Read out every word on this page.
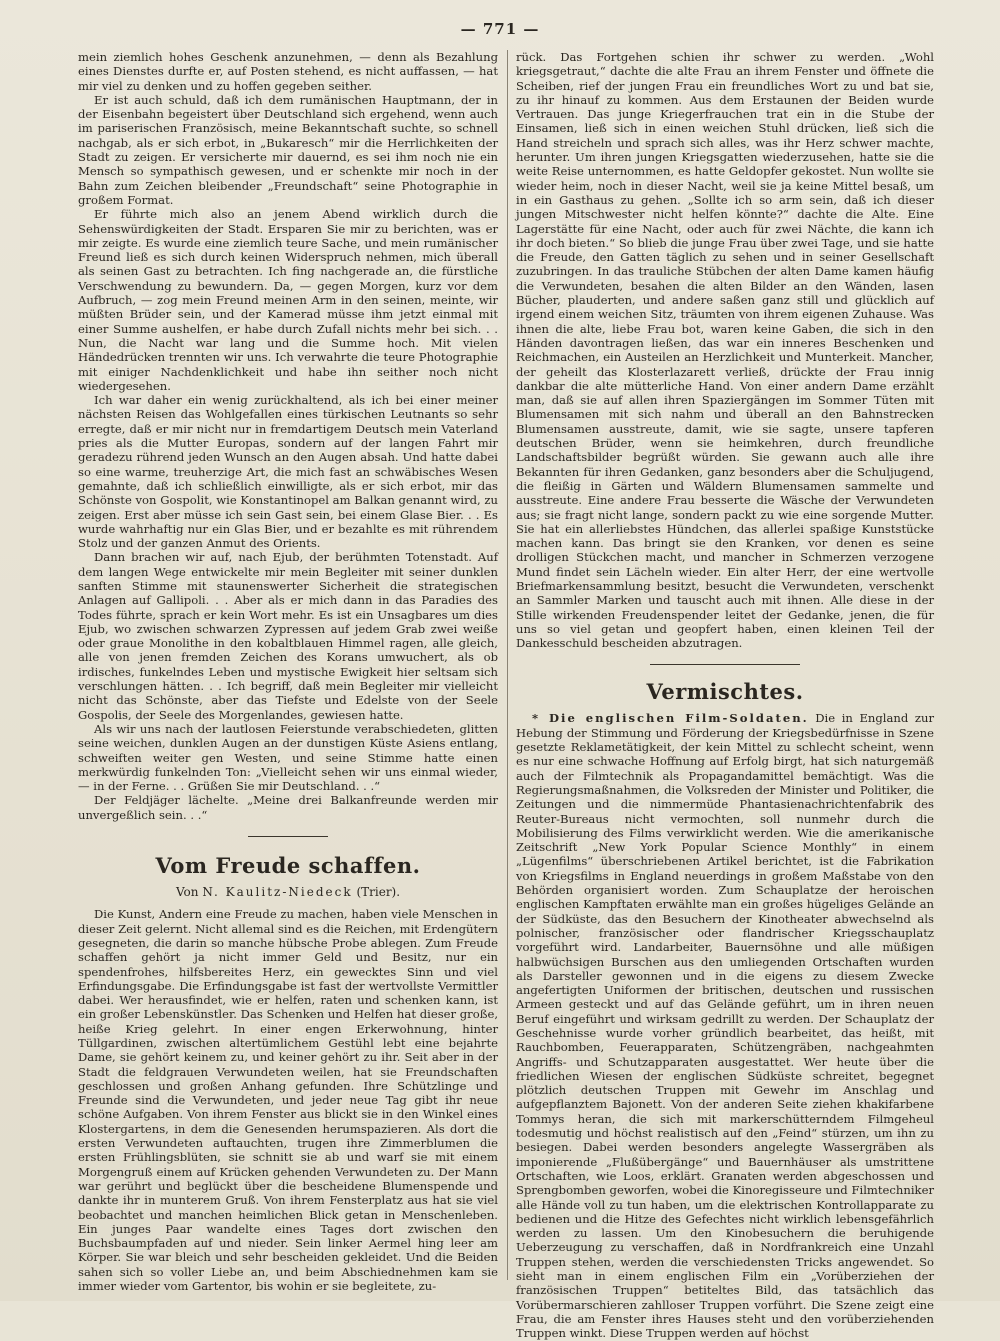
— 771 —

mein ziemlich hohes Geschenk anzunehmen, — denn als Bezahlung eines Dienstes durfte er, auf Posten stehend, es nicht auffassen, — hat mir viel zu denken und zu hoffen gegeben seither.

Er ist auch schuld, daß ich dem rumänischen Hauptmann, der in der Eisenbahn begeistert über Deutschland sich ergehend, wenn auch im pariserischen Französisch, meine Bekanntschaft suchte, so schnell nachgab, als er sich erbot, in „Bukaresch“ mir die Herrlichkeiten der Stadt zu zeigen. Er versicherte mir dauernd, es sei ihm noch nie ein Mensch so sympathisch gewesen, und er schenkte mir noch in der Bahn zum Zeichen bleibender „Freundschaft“ seine Photographie in großem Format.

Er führte mich also an jenem Abend wirklich durch die Sehenswürdigkeiten der Stadt. Ersparen Sie mir zu berichten, was er mir zeigte. Es wurde eine ziemlich teure Sache, und mein rumänischer Freund ließ es sich durch keinen Widerspruch nehmen, mich überall als seinen Gast zu betrachten. Ich fing nachgerade an, die fürstliche Verschwendung zu bewundern. Da, — gegen Morgen, kurz vor dem Aufbruch, — zog mein Freund meinen Arm in den seinen, meinte, wir müßten Brüder sein, und der Kamerad müsse ihm jetzt einmal mit einer Summe aushelfen, er habe durch Zufall nichts mehr bei sich. . . Nun, die Nacht war lang und die Summe hoch. Mit vielen Händedrücken trennten wir uns. Ich verwahrte die teure Photographie mit einiger Nachdenklichkeit und habe ihn seither noch nicht wiedergesehen.

Ich war daher ein wenig zurückhaltend, als ich bei einer meiner nächsten Reisen das Wohlgefallen eines türkischen Leutnants so sehr erregte, daß er mir nicht nur in fremdartigem Deutsch mein Vaterland pries als die Mutter Europas, sondern auf der langen Fahrt mir geradezu rührend jeden Wunsch an den Augen absah. Und hatte dabei so eine warme, treuherzige Art, die mich fast an schwäbisches Wesen gemahnte, daß ich schließlich einwilligte, als er sich erbot, mir das Schönste von Gospolit, wie Konstantinopel am Balkan genannt wird, zu zeigen. Erst aber müsse ich sein Gast sein, bei einem Glase Bier. . . Es wurde wahrhaftig nur ein Glas Bier, und er bezahlte es mit rührendem Stolz und der ganzen Anmut des Orients.

Dann brachen wir auf, nach Ejub, der berühmten Totenstadt. Auf dem langen Wege entwickelte mir mein Begleiter mit seiner dunklen sanften Stimme mit staunenswerter Sicherheit die strategischen Anlagen auf Gallipoli. . . Aber als er mich dann in das Paradies des Todes führte, sprach er kein Wort mehr. Es ist ein Unsagbares um dies Ejub, wo zwischen schwarzen Zypressen auf jedem Grab zwei weiße oder graue Monolithe in den kobaltblauen Himmel ragen, alle gleich, alle von jenen fremden Zeichen des Korans umwuchert, als ob irdisches, funkelndes Leben und mystische Ewigkeit hier seltsam sich verschlungen hätten. . . Ich begriff, daß mein Begleiter mir vielleicht nicht das Schönste, aber das Tiefste und Edelste von der Seele Gospolis, der Seele des Morgenlandes, gewiesen hatte.

Als wir uns nach der lautlosen Feierstunde verabschiedeten, glitten seine weichen, dunklen Augen an der dunstigen Küste Asiens entlang, schweiften weiter gen Westen, und seine Stimme hatte einen merkwürdig funkelnden Ton: „Vielleicht sehen wir uns einmal wieder, — in der Ferne. . . Grüßen Sie mir Deutschland. . .“

Der Feldjäger lächelte. „Meine drei Balkanfreunde werden mir unvergeßlich sein. . .“

Vom Freude schaffen.
Von N. Kaulitz-Niedeck (Trier).

Die Kunst, Andern eine Freude zu machen, haben viele Menschen in dieser Zeit gelernt. Nicht allemal sind es die Reichen, mit Erdengütern gesegneten, die darin so manche hübsche Probe ablegen. Zum Freude schaffen gehört ja nicht immer Geld und Besitz, nur ein spendenfrohes, hilfsbereites Herz, ein gewecktes Sinn und viel Erfindungsgabe. Die Erfindungsgabe ist fast der wertvollste Vermittler dabei. Wer herausfindet, wie er helfen, raten und schenken kann, ist ein großer Lebenskünstler. Das Schenken und Helfen hat dieser große, heiße Krieg gelehrt. In einer engen Erkerwohnung, hinter Tüllgardinen, zwischen altertümlichem Gestühl lebt eine bejahrte Dame, sie gehört keinem zu, und keiner gehört zu ihr. Seit aber in der Stadt die feldgrauen Verwundeten weilen, hat sie Freundschaften geschlossen und großen Anhang gefunden. Ihre Schützlinge und Freunde sind die Verwundeten, und jeder neue Tag gibt ihr neue schöne Aufgaben. Von ihrem Fenster aus blickt sie in den Winkel eines Klostergartens, in dem die Genesenden herumspazieren. Als dort die ersten Verwundeten auftauchten, trugen ihre Zimmerblumen die ersten Frühlingsblüten, sie schnitt sie ab und warf sie mit einem Morgengruß einem auf Krücken gehenden Verwundeten zu. Der Mann war gerührt und beglückt über die bescheidene Blumenspende und dankte ihr in munterem Gruß. Von ihrem Fensterplatz aus hat sie viel beobachtet und manchen heimlichen Blick getan in Menschenleben. Ein junges Paar wandelte eines Tages dort zwischen den Buchsbaumpfaden auf und nieder. Sein linker Aermel hing leer am Körper. Sie war bleich und sehr bescheiden gekleidet. Und die Beiden sahen sich so voller Liebe an, und beim Abschiednehmen kam sie immer wieder vom Gartentor, bis wohin er sie begleitete, zu-

rück. Das Fortgehen schien ihr schwer zu werden. „Wohl kriegsgetraut,“ dachte die alte Frau an ihrem Fenster und öffnete die Scheiben, rief der jungen Frau ein freundliches Wort zu und bat sie, zu ihr hinauf zu kommen. Aus dem Erstaunen der Beiden wurde Vertrauen. Das junge Kriegerfrauchen trat ein in die Stube der Einsamen, ließ sich in einen weichen Stuhl drücken, ließ sich die Hand streicheln und sprach sich alles, was ihr Herz schwer machte, herunter. Um ihren jungen Kriegsgatten wiederzusehen, hatte sie die weite Reise unternommen, es hatte Geldopfer gekostet. Nun wollte sie wieder heim, noch in dieser Nacht, weil sie ja keine Mittel besaß, um in ein Gasthaus zu gehen. „Sollte ich so arm sein, daß ich dieser jungen Mitschwester nicht helfen könnte?“ dachte die Alte. Eine Lagerstätte für eine Nacht, oder auch für zwei Nächte, die kann ich ihr doch bieten.“ So blieb die junge Frau über zwei Tage, und sie hatte die Freude, den Gatten täglich zu sehen und in seiner Gesellschaft zuzubringen. In das trauliche Stübchen der alten Dame kamen häufig die Verwundeten, besahen die alten Bilder an den Wänden, lasen Bücher, plauderten, und andere saßen ganz still und glücklich auf irgend einem weichen Sitz, träumten von ihrem eigenen Zuhause. Was ihnen die alte, liebe Frau bot, waren keine Gaben, die sich in den Händen davontragen ließen, das war ein inneres Beschenken und Reichmachen, ein Austeilen an Herzlichkeit und Munterkeit. Mancher, der geheilt das Klosterlazarett verließ, drückte der Frau innig dankbar die alte mütterliche Hand. Von einer andern Dame erzählt man, daß sie auf allen ihren Spaziergängen im Sommer Tüten mit Blumensamen mit sich nahm und überall an den Bahnstrecken Blumensamen ausstreute, damit, wie sie sagte, unsere tapferen deutschen Brüder, wenn sie heimkehren, durch freundliche Landschaftsbilder begrüßt würden. Sie gewann auch alle ihre Bekannten für ihren Gedanken, ganz besonders aber die Schuljugend, die fleißig in Gärten und Wäldern Blumensamen sammelte und ausstreute. Eine andere Frau besserte die Wäsche der Verwundeten aus; sie fragt nicht lange, sondern packt zu wie eine sorgende Mutter. Sie hat ein allerliebstes Hündchen, das allerlei spaßige Kunststücke machen kann. Das bringt sie den Kranken, vor denen es seine drolligen Stückchen macht, und mancher in Schmerzen verzogene Mund findet sein Lächeln wieder. Ein alter Herr, der eine wertvolle Briefmarkensammlung besitzt, besucht die Verwundeten, verschenkt an Sammler Marken und tauscht auch mit ihnen. Alle diese in der Stille wirkenden Freudenspender leitet der Gedanke, jenen, die für uns so viel getan und geopfert haben, einen kleinen Teil der Dankesschuld bescheiden abzutragen.

Vermischtes.

* Die englischen Film-Soldaten. Die in England zur Hebung der Stimmung und Förderung der Kriegsbedürfnisse in Szene gesetzte Reklametätigkeit, der kein Mittel zu schlecht scheint, wenn es nur eine schwache Hoffnung auf Erfolg birgt, hat sich naturgemäß auch der Filmtechnik als Propagandamittel bemächtigt. Was die Regierungsmaßnahmen, die Volksreden der Minister und Politiker, die Zeitungen und die nimmermüde Phantasienachrichtenfabrik des Reuter-Bureaus nicht vermochten, soll nunmehr durch die Mobilisierung des Films verwirklicht werden. Wie die amerikanische Zeitschrift „New York Popular Science Monthly“ in einem „Lügenfilms“ überschriebenen Artikel berichtet, ist die Fabrikation von Kriegsfilms in England neuerdings in großem Maßstabe von den Behörden organisiert worden. Zum Schauplatze der heroischen englischen Kampftaten erwählte man ein großes hügeliges Gelände an der Südküste, das den Besuchern der Kinotheater abwechselnd als polnischer, französischer oder flandrischer Kriegsschauplatz vorgeführt wird. Landarbeiter, Bauernsöhne und alle müßigen halbwüchsigen Burschen aus den umliegenden Ortschaften wurden als Darsteller gewonnen und in die eigens zu diesem Zwecke angefertigten Uniformen der britischen, deutschen und russischen Armeen gesteckt und auf das Gelände geführt, um in ihren neuen Beruf eingeführt und wirksam gedrillt zu werden. Der Schauplatz der Geschehnisse wurde vorher gründlich bearbeitet, das heißt, mit Rauchbomben, Feuerapparaten, Schützengräben, nachgeahmten Angriffs- und Schutzapparaten ausgestattet. Wer heute über die friedlichen Wiesen der englischen Südküste schreitet, begegnet plötzlich deutschen Truppen mit Gewehr im Anschlag und aufgepflanztem Bajonett. Von der anderen Seite ziehen khakifarbene Tommys heran, die sich mit markerschütterndem Filmgeheul todesmutig und höchst realistisch auf den „Feind“ stürzen, um ihn zu besiegen. Dabei werden besonders angelegte Wassergräben als imponierende „Flußübergänge“ und Bauernhäuser als umstrittene Ortschaften, wie Loos, erklärt. Granaten werden abgeschossen und Sprengbomben geworfen, wobei die Kinoregisseure und Filmtechniker alle Hände voll zu tun haben, um die elektrischen Kontrollapparate zu bedienen und die Hitze des Gefechtes nicht wirklich lebensgefährlich werden zu lassen. Um den Kinobesuchern die beruhigende Ueberzeugung zu verschaffen, daß in Nordfrankreich eine Unzahl Truppen stehen, werden die verschiedensten Tricks angewendet. So sieht man in einem englischen Film ein „Vorüberziehen der französischen Truppen“ betiteltes Bild, das tatsächlich das Vorübermarschieren zahlloser Truppen vorführt. Die Szene zeigt eine Frau, die am Fenster ihres Hauses steht und den vorüberziehenden Truppen winkt. Diese Truppen werden auf höchst
